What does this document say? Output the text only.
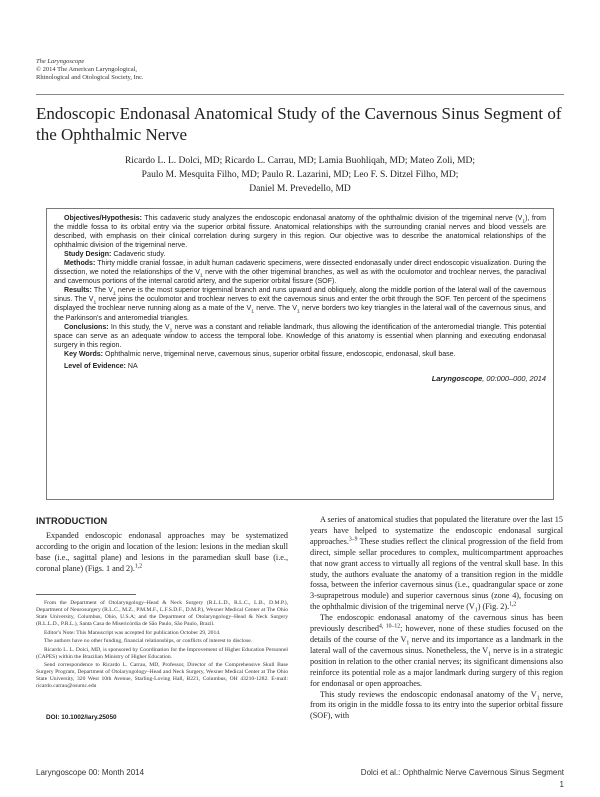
The Laryngoscope
© 2014 The American Laryngological,
Rhinological and Otological Society, Inc.
Endoscopic Endonasal Anatomical Study of the Cavernous Sinus Segment of the Ophthalmic Nerve
Ricardo L. L. Dolci, MD; Ricardo L. Carrau, MD; Lamia Buohliqah, MD; Mateo Zoli, MD;
Paulo M. Mesquita Filho, MD; Paulo R. Lazarini, MD; Leo F. S. Ditzel Filho, MD;
Daniel M. Prevedello, MD

Objectives/Hypothesis: This cadaveric study analyzes the endoscopic endonasal anatomy of the ophthalmic division of the trigeminal nerve $(V_1)$, from the middle fossa to its orbital entry via the superior orbital fissure. Anatomical relationships with the surrounding cranial nerves and blood vessels are described, with emphasis on their clinical correlation during surgery in this region. Our objective was to describe the anatomical relationships of the ophthalmic division of the trigeminal nerve.

Study Design: Cadaveric study.

Methods: Thirty middle cranial fossae, in adult human cadaveric specimens, were dissected endonasally under direct endoscopic visualization. During the dissection, we noted the relationships of the $V_1$ nerve with the other trigeminal branches, as well as with the oculomotor and trochlear nerves, the paraclival and cavernous portions of the internal carotid artery, and the superior orbital fissure (SOF).

Results: The $V_1$ nerve is the most superior trigeminal branch and runs upward and obliquely, along the middle portion of the lateral wall of the cavernous sinus. The $V_1$ nerve joins the oculomotor and trochlear nerves to exit the cavernous sinus and enter the orbit through the SOF. Ten percent of the specimens displayed the trochlear nerve running along as a mate of the $V_1$ nerve. The $V_1$ nerve borders two key triangles in the lateral wall of the cavernous sinus, and the Parkinson's and anteromedial triangles.

Conclusions: In this study, the $V_1$ nerve was a constant and reliable landmark, thus allowing the identification of the anteromedial triangle. This potential space can serve as an adequate window to access the temporal lobe. Knowledge of this anatomy is essential when planning and executing endonasal surgery in this region.

Key Words: Ophthalmic nerve, trigeminal nerve, cavernous sinus, superior orbital fissure, endoscopic, endonasal, skull base.

Level of Evidence: NA

Laryngoscope, 00:000–000, 2014

INTRODUCTION

Expanded endoscopic endonasal approaches may be systematized according to the origin and location of the lesion: lesions in the median skull base (i.e., sagittal plane) and lesions in the paramedian skull base (i.e., coronal plane) (Figs. 1 and 2).$^{1,2}$

From the Department of Otolaryngology–Head & Neck Surgery (R.L.L.D., R.L.C., L.B., D.M.P.), Department of Neurosurgery (R.L.C., M.Z., P.M.M.F., L.F.S.D.F., D.M.P.), Wexner Medical Center at The Ohio State University, Columbus, Ohio, U.S.A; and the Department of Otolaryngology–Head & Neck Surgery (R.L.L.D., P.R.L.), Santa Casa de Misericórdia de São Paulo, São Paulo, Brazil.

Editor's Note: This Manuscript was accepted for publication October 29, 2014.

The authors have no other funding, financial relationships, or conflicts of interest to disclose.

Ricardo L. L. Dolci, MD, is sponsored by Coordination for the Improvement of Higher Education Personnel (CAPES) within the Brazilian Ministry of Higher Education.

Send correspondence to Ricardo L. Carrau, MD, Professor, Director of the Comprehensive Skull Base Surgery Program, Department of Otolaryngology–Head and Neck Surgery, Wexner Medical Center at The Ohio State University, 320 West 10th Avenue, Starling-Loving Hall, B221, Columbus, OH 43210-1282. E-mail: ricardo.carrau@osumc.edu

DOI: 10.1002/lary.25050

A series of anatomical studies that populated the literature over the last 15 years have helped to systematize the endoscopic endonasal surgical approaches.$^{3-9}$ These studies reflect the clinical progression of the field from direct, simple sellar procedures to complex, multicompartment approaches that now grant access to virtually all regions of the ventral skull base. In this study, the authors evaluate the anatomy of a transition region in the middle fossa, between the inferior cavernous sinus (i.e., quadrangular space or zone 3-suprapetrous module) and superior cavernous sinus (zone 4), focusing on the ophthalmic division of the trigeminal nerve $(V_1)$ (Fig. 2).$^{1,2}$

The endoscopic endonasal anatomy of the cavernous sinus has been previously described$^{4, 10-12}$; however, none of these studies focused on the details of the course of the $V_1$ nerve and its importance as a landmark in the lateral wall of the cavernous sinus. Nonetheless, the $V_1$ nerve is in a strategic position in relation to the other cranial nerves; its significant dimensions also reinforce its potential role as a major landmark during surgery of this region for endonasal or open approaches.

This study reviews the endoscopic endonasal anatomy of the $V_1$ nerve, from its origin in the middle fossa to its entry into the superior orbital fissure (SOF), with

Laryngoscope 00: Month 2014	Dolci et al.: Ophthalmic Nerve Cavernous Sinus Segment
1
